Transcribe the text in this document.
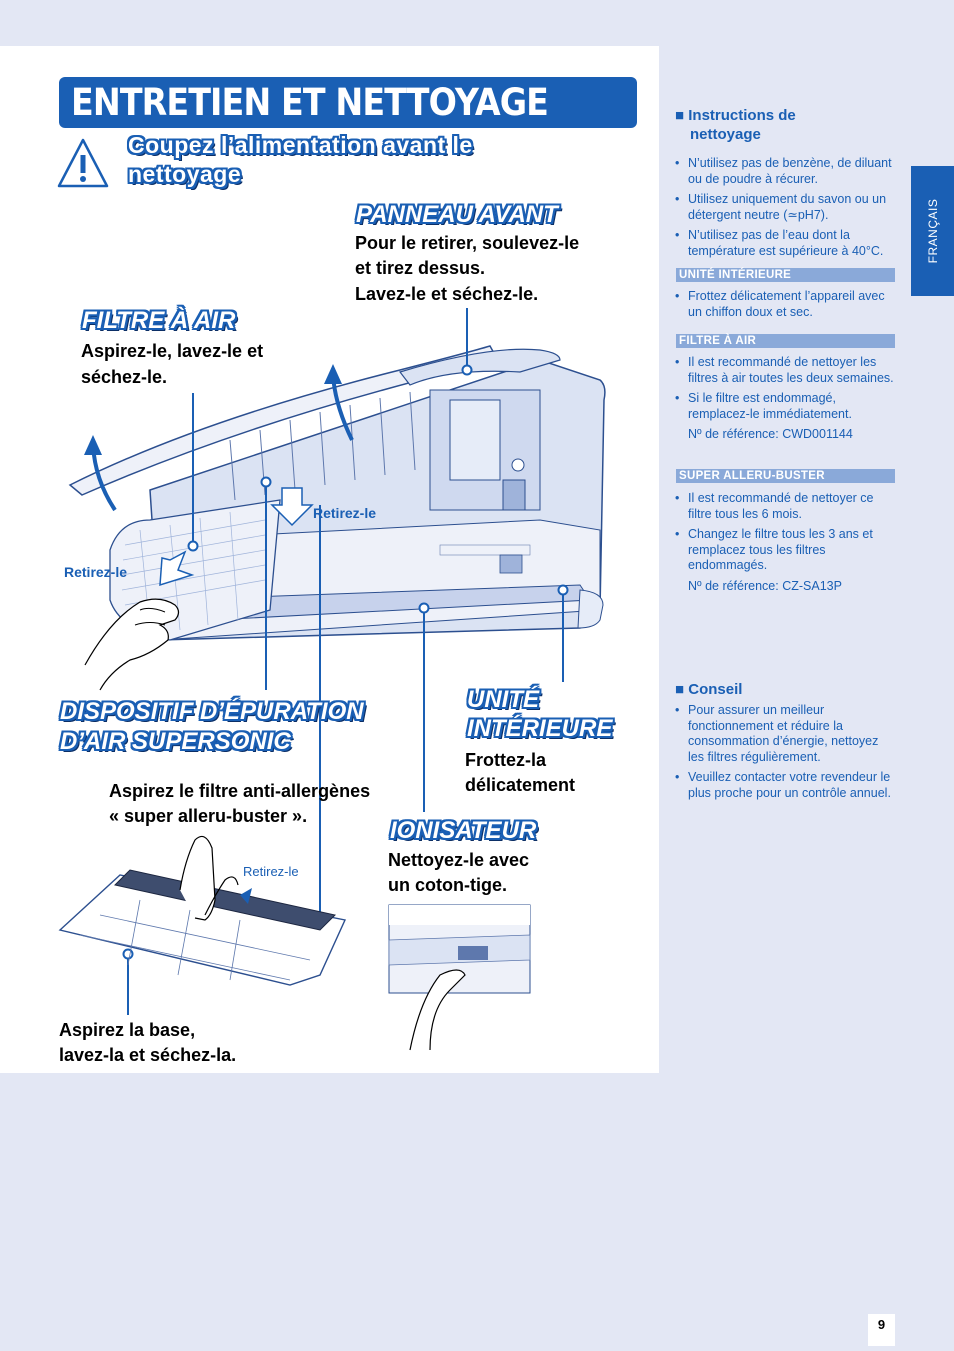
ENTRETIEN ET NETTOYAGE
Coupez l’alimentation avant le
nettoyage
PANNEAU AVANT
Pour le retirer, soulevez-le
et tirez dessus.
Lavez-le et séchez-le.
FILTRE À AIR
Aspirez-le, lavez-le et
séchez-le.
Retirez-le
Retirez-le
Retirez-le
DISPOSITIF D’ÉPURATION
D’AIR SUPERSONIC
Aspirez le filtre anti-allergènes
« super alleru-buster ».
UNITÉ
INTÉRIEURE
Frottez-la
délicatement
IONISATEUR
Nettoyez-le avec
un coton-tige.
Aspirez la base,
lavez-la et séchez-la.
■ Instructions de
nettoyage
• N’utilisez pas de benzène, de diluant ou de poudre à récurer.
• Utilisez uniquement du savon ou un détergent neutre (≃pH7).
• N’utilisez pas de l’eau dont la température est supérieure à 40°C.
UNITÉ INTÉRIEURE
• Frottez délicatement l’appareil avec un chiffon doux et sec.
FILTRE À AIR
• Il est recommandé de nettoyer les filtres à air toutes les deux semaines.
• Si le filtre est endommagé, remplacez-le immédiatement.
Nº de référence: CWD001144
SUPER ALLERU-BUSTER
• Il est recommandé de nettoyer ce filtre tous les 6 mois.
• Changez le filtre tous les 3 ans et remplacez tous les filtres endommagés.
Nº de référence: CZ-SA13P
■ Conseil
• Pour assurer un meilleur fonctionnement et réduire la consommation d’énergie, nettoyez les filtres régulièrement.
• Veuillez contacter votre revendeur le plus proche pour un contrôle annuel.
FRANÇAIS
9
